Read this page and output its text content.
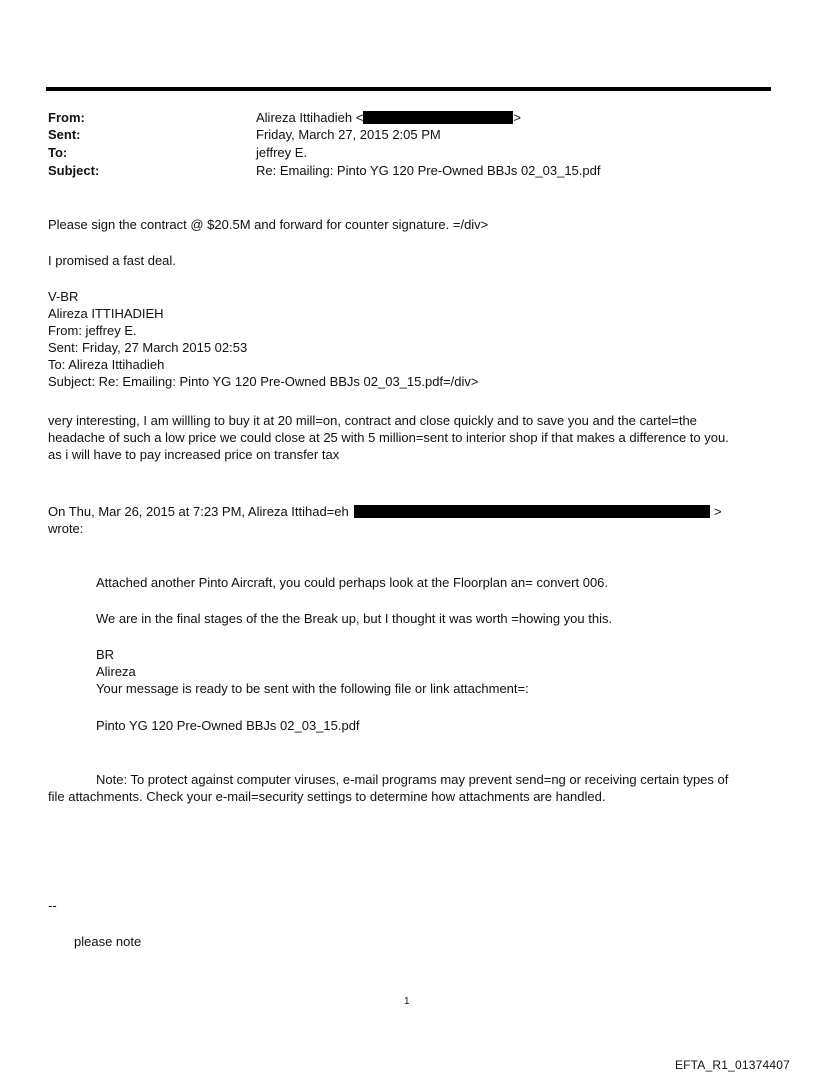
From:	Alireza Ittihadieh <	>
Sent:	Friday, March 27, 2015 2:05 PM
To:	jeffrey E.
Subject:	Re: Emailing: Pinto YG 120 Pre-Owned BBJs 02_03_15.pdf
Please sign the contract @ $20.5M and forward for counter signature. =/div>
I promised a fast deal.
V-BR
Alireza ITTIHADIEH
From: jeffrey E.
Sent: Friday, 27 March 2015 02:53
To: Alireza Ittihadieh
Subject: Re: Emailing: Pinto YG 120 Pre-Owned BBJs 02_03_15.pdf=/div>
very interesting, I am willling to buy it at 20 mill=on, contract and close quickly and to save you and the cartel=the
headache of such a low price we could close at 25 with 5 million=sent to interior shop if that makes a difference to you.
as i will have to pay increased price on transfer tax
On Thu, Mar 26, 2015 at 7:23 PM, Alireza Ittihad=eh	>
wrote:
Attached another Pinto Aircraft, you could perhaps look at the Floorplan an= convert 006.
We are in the final stages of the the Break up, but I thought it was worth =howing you this.
BR
Alireza
Your message is ready to be sent with the following file or link attachment=:
Pinto YG 120 Pre-Owned BBJs 02_03_15.pdf
Note: To protect against computer viruses, e-mail programs may prevent send=ng or receiving certain types of
file attachments. Check your e-mail=security settings to determine how attachments are handled.
--
please note
1
EFTA_R1_01374407
